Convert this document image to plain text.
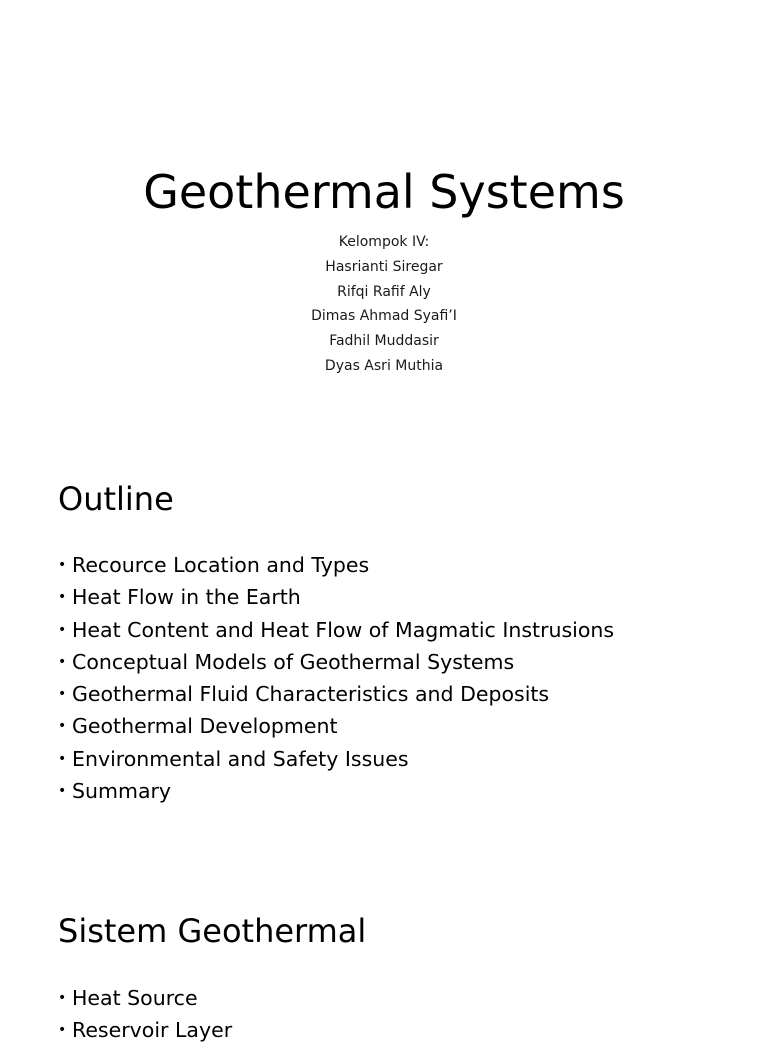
Geothermal Systems
Kelompok IV:
Hasrianti Siregar
Rifqi Rafif Aly
Dimas Ahmad Syafi’I
Fadhil Muddasir
Dyas Asri Muthia
Outline
• Recource Location and Types
• Heat Flow in the Earth
• Heat Content and Heat Flow of Magmatic Instrusions
• Conceptual Models of Geothermal Systems
• Geothermal Fluid Characteristics and Deposits
• Geothermal Development
• Environmental and Safety Issues
• Summary
Sistem Geothermal
• Heat Source
• Reservoir Layer
